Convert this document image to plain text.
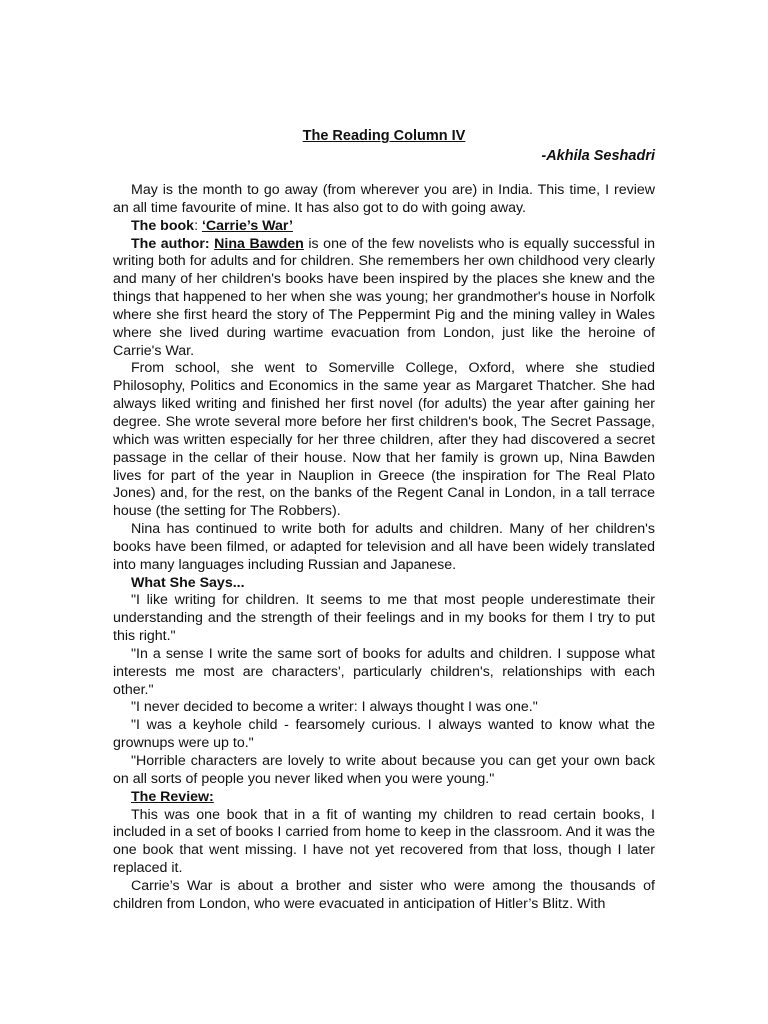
The Reading Column IV
-Akhila Seshadri

May is the month to go away (from wherever you are) in India. This time, I review an all time favourite of mine. It has also got to do with going away.

The book: ‘Carrie’s War’

The author: Nina Bawden is one of the few novelists who is equally successful in writing both for adults and for children. She remembers her own childhood very clearly and many of her children's books have been inspired by the places she knew and the things that happened to her when she was young; her grandmother's house in Norfolk where she first heard the story of The Peppermint Pig and the mining valley in Wales where she lived during wartime evacuation from London, just like the heroine of Carrie's War.

From school, she went to Somerville College, Oxford, where she studied Philosophy, Politics and Economics in the same year as Margaret Thatcher. She had always liked writing and finished her first novel (for adults) the year after gaining her degree. She wrote several more before her first children's book, The Secret Passage, which was written especially for her three children, after they had discovered a secret passage in the cellar of their house. Now that her family is grown up, Nina Bawden lives for part of the year in Nauplion in Greece (the inspiration for The Real Plato Jones) and, for the rest, on the banks of the Regent Canal in London, in a tall terrace house (the setting for The Robbers).

Nina has continued to write both for adults and children. Many of her children's books have been filmed, or adapted for television and all have been widely translated into many languages including Russian and Japanese.

What She Says...

"I like writing for children. It seems to me that most people underestimate their understanding and the strength of their feelings and in my books for them I try to put this right."

"In a sense I write the same sort of books for adults and children. I suppose what interests me most are characters', particularly children's, relationships with each other."

"I never decided to become a writer: I always thought I was one."

"I was a keyhole child - fearsomely curious. I always wanted to know what the grownups were up to."

"Horrible characters are lovely to write about because you can get your own back on all sorts of people you never liked when you were young."

The Review:

This was one book that in a fit of wanting my children to read certain books, I included in a set of books I carried from home to keep in the classroom. And it was the one book that went missing. I have not yet recovered from that loss, though I later replaced it.

Carrie’s War is about a brother and sister who were among the thousands of children from London, who were evacuated in anticipation of Hitler’s Blitz. With
